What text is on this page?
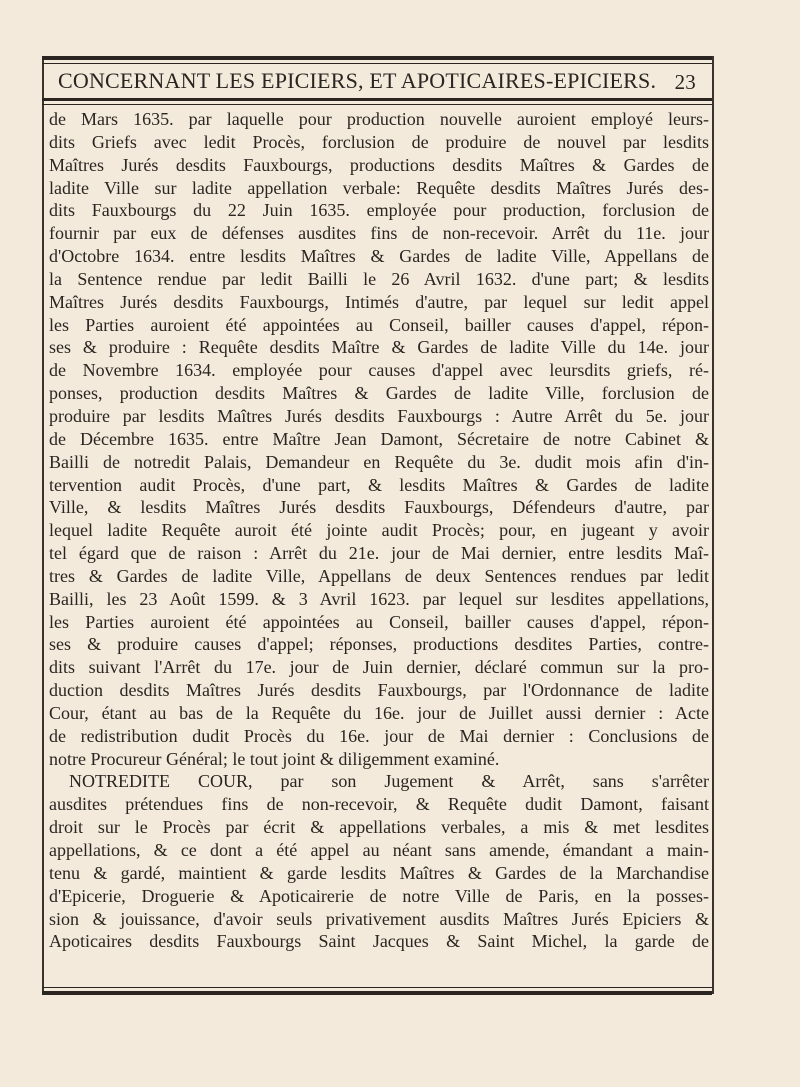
CONCERNANT LES EPICIERS, ET APOTICAIRES-EPICIERS. 23
de Mars 1635. par laquelle pour production nouvelle auroient employé leurs-
dits Griefs avec ledit Procès, forclusion de produire de nouvel par lesdits
Maîtres Jurés desdits Fauxbourgs, productions desdits Maîtres & Gardes de
ladite Ville sur ladite appellation verbale: Requête desdits Maîtres Jurés des-
dits Fauxbourgs du 22 Juin 1635. employée pour production, forclusion de
fournir par eux de défenses ausdites fins de non-recevoir. Arrêt du 11e. jour
d'Octobre 1634. entre lesdits Maîtres & Gardes de ladite Ville, Appellans de
la Sentence rendue par ledit Bailli le 26 Avril 1632. d'une part; & lesdits
Maîtres Jurés desdits Fauxbourgs, Intimés d'autre, par lequel sur ledit appel
les Parties auroient été appointées au Conseil, bailler causes d'appel, répon-
ses & produire : Requête desdits Maître & Gardes de ladite Ville du 14e. jour
de Novembre 1634. employée pour causes d'appel avec leursdits griefs, ré-
ponses, production desdits Maîtres & Gardes de ladite Ville, forclusion de
produire par lesdits Maîtres Jurés desdits Fauxbourgs : Autre Arrêt du 5e. jour
de Décembre 1635. entre Maître Jean Damont, Sécretaire de notre Cabinet &
Bailli de notredit Palais, Demandeur en Requête du 3e. dudit mois afin d'in-
tervention audit Procès, d'une part, & lesdits Maîtres & Gardes de ladite
Ville, & lesdits Maîtres Jurés desdits Fauxbourgs, Défendeurs d'autre, par
lequel ladite Requête auroit été jointe audit Procès; pour, en jugeant y avoir
tel égard que de raison : Arrêt du 21e. jour de Mai dernier, entre lesdits Maî-
tres & Gardes de ladite Ville, Appellans de deux Sentences rendues par ledit
Bailli, les 23 Août 1599. & 3 Avril 1623. par lequel sur lesdites appellations,
les Parties auroient été appointées au Conseil, bailler causes d'appel, répon-
ses & produire causes d'appel; réponses, productions desdites Parties, contre-
dits suivant l'Arrêt du 17e. jour de Juin dernier, déclaré commun sur la pro-
duction desdits Maîtres Jurés desdits Fauxbourgs, par l'Ordonnance de ladite
Cour, étant au bas de la Requête du 16e. jour de Juillet aussi dernier : Acte
de redistribution dudit Procès du 16e. jour de Mai dernier : Conclusions de
notre Procureur Général; le tout joint & diligemment examiné.
NOTREDITE COUR, par son Jugement & Arrêt, sans s'arrêter
ausdites prétendues fins de non-recevoir, & Requête dudit Damont, faisant
droit sur le Procès par écrit & appellations verbales, a mis & met lesdites
appellations, & ce dont a été appel au néant sans amende, émandant a main-
tenu & gardé, maintient & garde lesdits Maîtres & Gardes de la Marchandise
d'Epicerie, Droguerie & Apoticairerie de notre Ville de Paris, en la posses-
sion & jouissance, d'avoir seuls privativement ausdits Maîtres Jurés Epiciers &
Apoticaires desdits Fauxbourgs Saint Jacques & Saint Michel, la garde de
